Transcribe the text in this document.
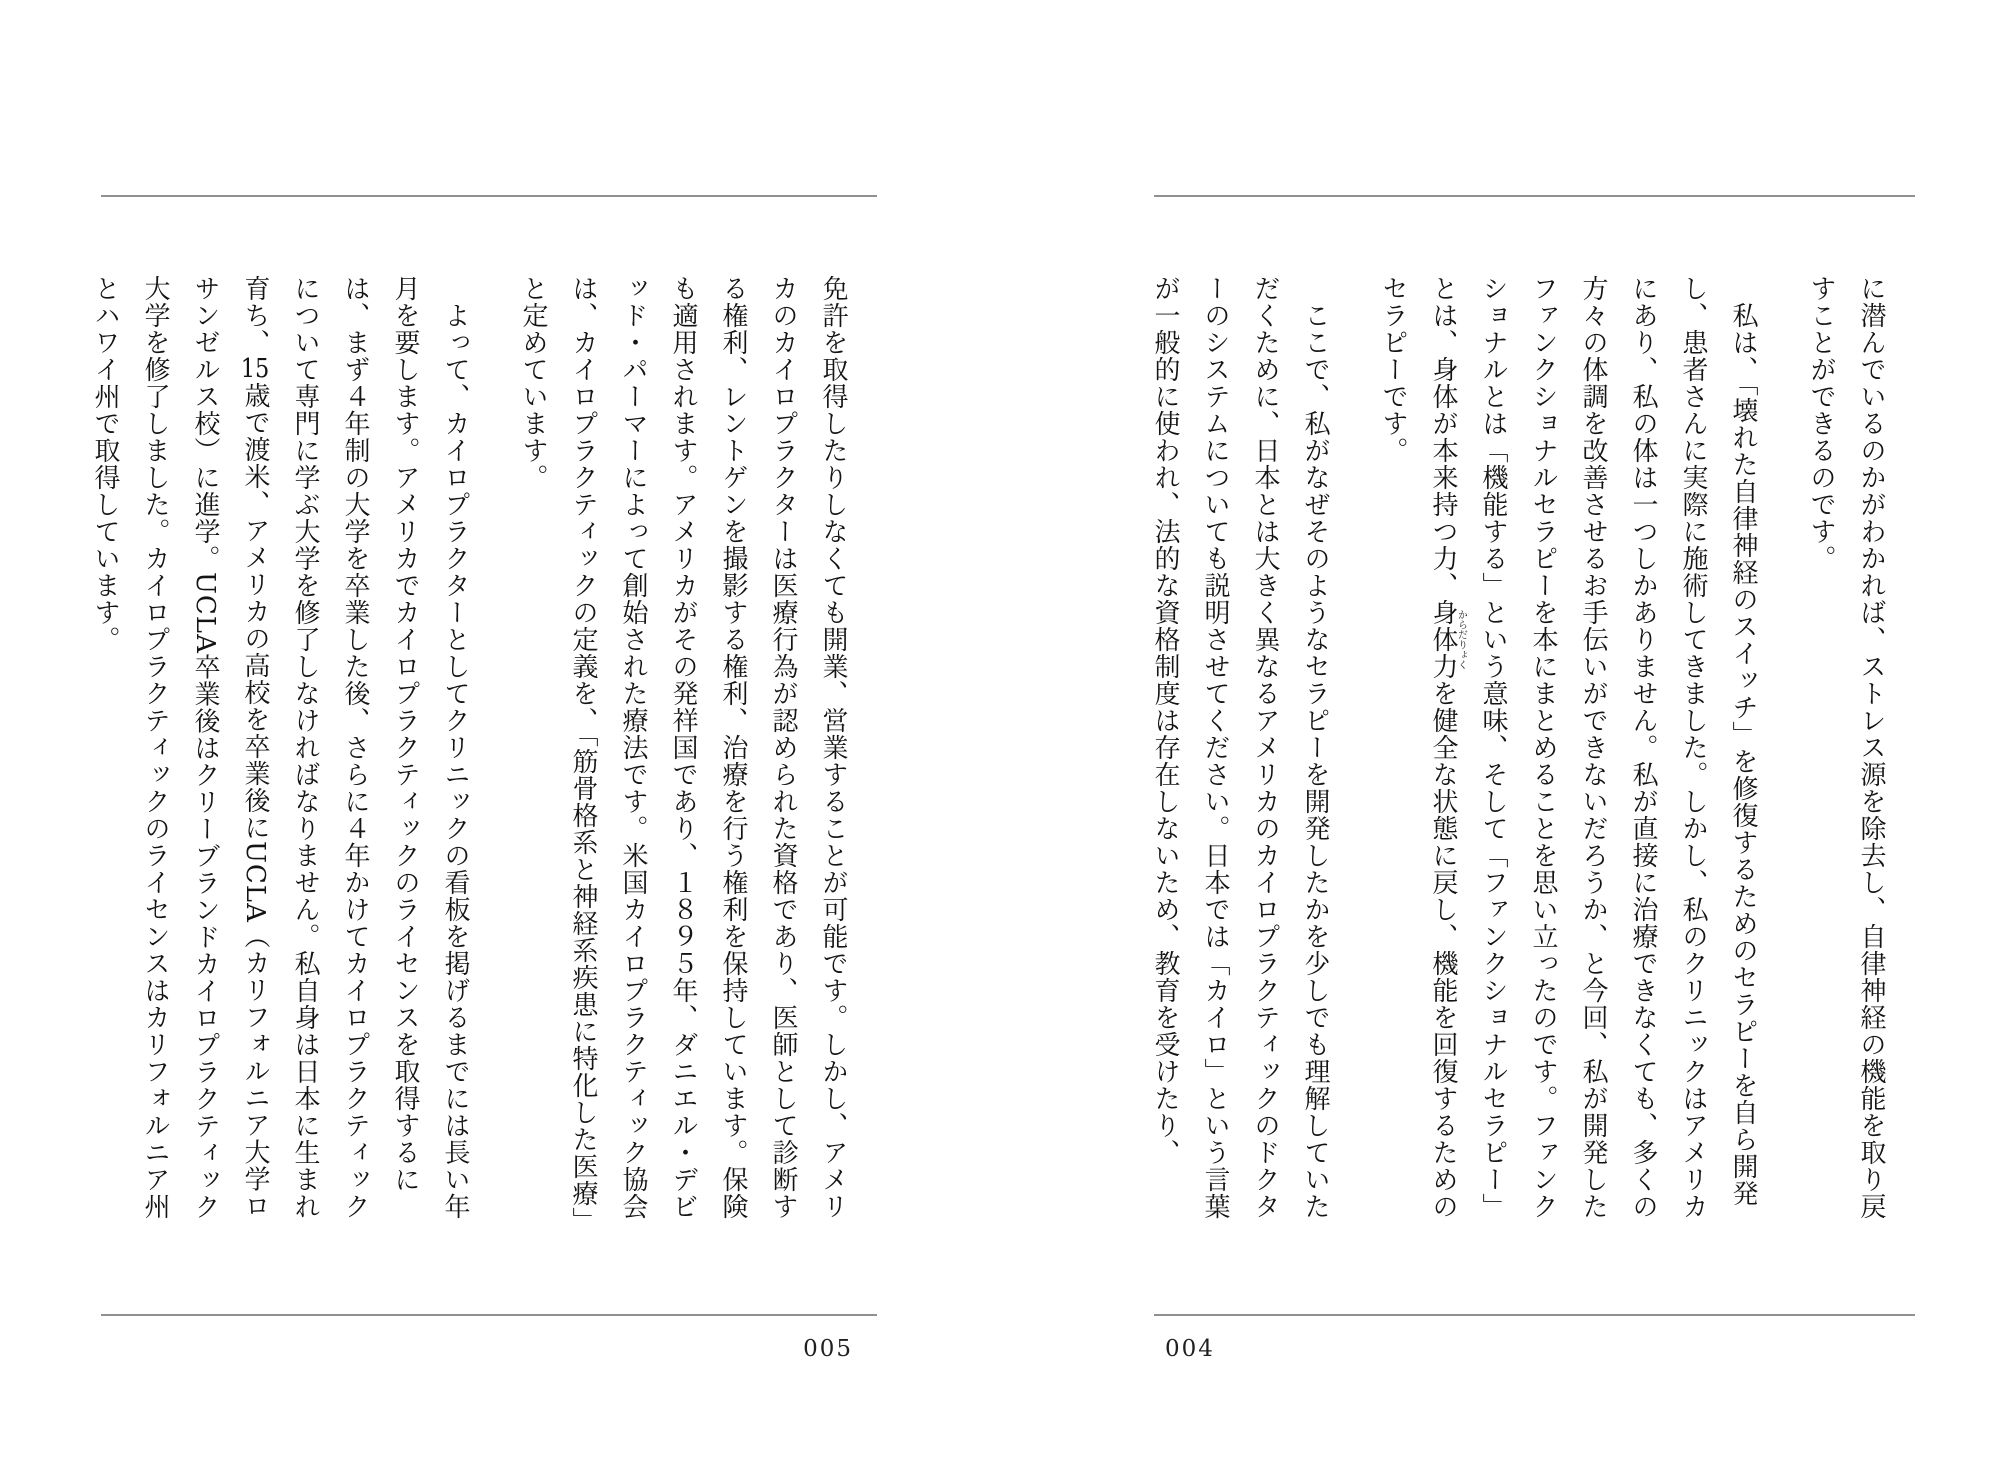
免許を取得したりしなくても開業、営業することが可能です。しかし、アメリカのカイロプラクターは医療行為が認められた資格であり、医師として診断する権利、レントゲンを撮影する権利、治療を行う権利を保持しています。保険も適用されます。アメリカがその発祥国であり、１８９５年、ダニエル・デビッド・パーマーによって創始された療法です。米国カイロプラクティック協会は、カイロプラクティックの定義を、「筋骨格系と神経系疾患に特化した医療」と定めています。

よって、カイロプラクターとしてクリニックの看板を掲げるまでには長い年月を要します。アメリカでカイロプラクティックのライセンスを取得するには、まず４年制の大学を卒業した後、さらに４年かけてカイロプラクティックについて専門に学ぶ大学を修了しなければなりません。私自身は日本に生まれ育ち、15歳で渡米、アメリカの高校を卒業後にUCLA（カリフォルニア大学ロサンゼルス校）に進学。UCLA卒業後はクリーブランドカイロプラクティック大学を修了しました。カイロプラクティックのライセンスはカリフォルニア州とハワイ州で取得しています。

005

に潜んでいるのかがわかれば、ストレス源を除去し、自律神経の機能を取り戻すことができるのです。

私は、「壊れた自律神経のスイッチ」を修復するためのセラピーを自ら開発し、患者さんに実際に施術してきました。しかし、私のクリニックはアメリカにあり、私の体は一つしかありません。私が直接に治療できなくても、多くの方々の体調を改善させるお手伝いができないだろうか、と今回、私が開発したファンクショナルセラピーを本にまとめることを思い立ったのです。ファンクショナルとは「機能する」という意味、そして「ファンクショナルセラピー」とは、身体が本来持つ力、身体力からだりょくを健全な状態に戻し、機能を回復するためのセラピーです。

ここで、私がなぜそのようなセラピーを開発したかを少しでも理解していただくために、日本とは大きく異なるアメリカのカイロプラクティックのドクターのシステムについても説明させてください。日本では「カイロ」という言葉が一般的に使われ、法的な資格制度は存在しないため、教育を受けたり、

004
